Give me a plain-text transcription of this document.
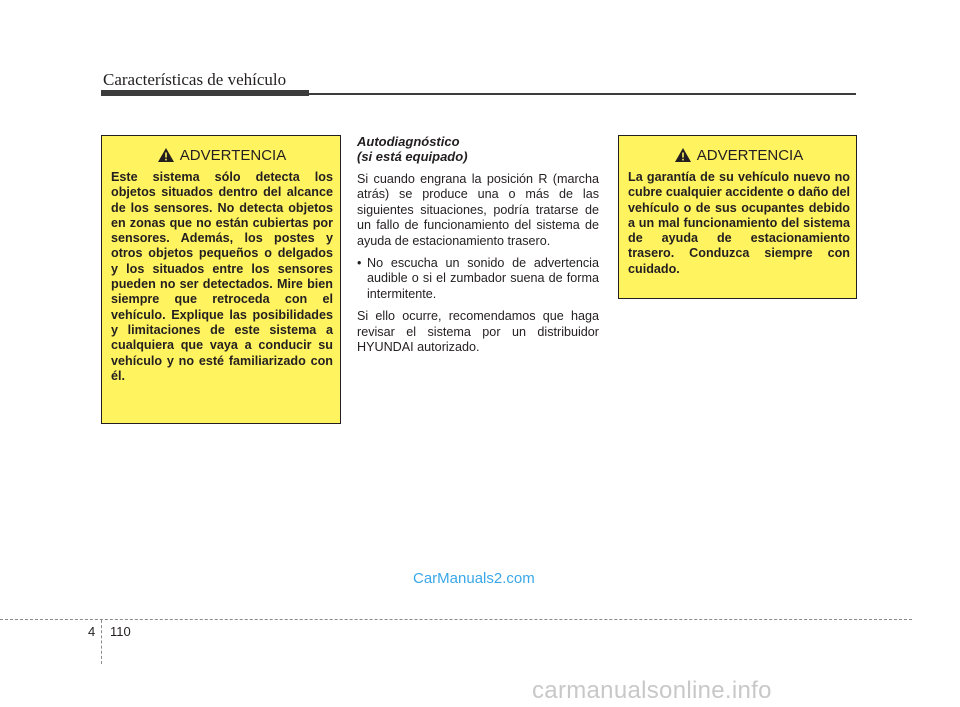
Características de vehículo
ADVERTENCIA
Este sistema sólo detecta los objetos situados dentro del alcance de los sensores. No detecta objetos en zonas que no están cubiertas por sensores. Además, los postes y otros objetos pequeños o delgados y los situados entre los sensores pueden no ser detectados. Mire bien siempre que retroceda con el vehículo. Explique las posibilidades y limitaciones de este sistema a cualquiera que vaya a conducir su vehículo y no esté familiarizado con él.
Autodiagnóstico
(si está equipado)

Si cuando engrana la posición R (marcha atrás) se produce una o más de las siguientes situaciones, podría tratarse de un fallo de funcionamiento del sistema de ayuda de estacionamiento trasero.

• No escucha un sonido de advertencia audible o si el zumbador suena de forma intermitente.

Si ello ocurre, recomendamos que haga revisar el sistema por un distribuidor HYUNDAI autorizado.

ADVERTENCIA
La garantía de su vehículo nuevo no cubre cualquier accidente o daño del vehículo o de sus ocupantes debido a un mal funcionamiento del sistema de ayuda de estacionamiento trasero. Conduzca siempre con cuidado.
CarManuals2.com
4 110
carmanualsonline.info
